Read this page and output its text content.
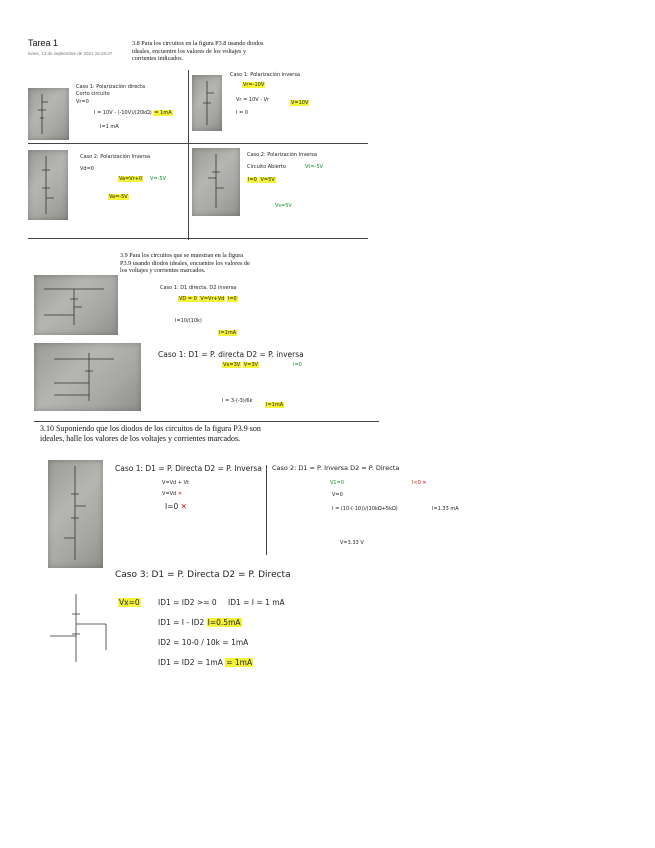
Tarea 1
lunes, 13 de septiembre de 2021 15:28:27
3.8 Para los circuitos en la figura P3.8 usando diodos ideales, encuentre los valores de los voltajes y corrientes indicados.
Caso 1: Polarización directa
Corto circuito
Vr=0
I = 10V - (-10V)/(20kΩ) = 1mA
I=1 mA
Caso 1: Polarización inversa
Vr=-10V
Vr = 10V - Vr	V=10V
I = 0
Caso 2: Polarización Inversa
Vd=0
Va=Vr+0
Va=-5V
V=-5V
Caso 2: Polarización Inversa
Circuito Abierto
I=0 V=5V
Vt=-5V
Vs=5V
3.9 Para los circuitos que se muestran en la figura P3.9 usando diodos ideales, encuentre los valores de los voltajes y corrientes marcados.
Caso 1: D1 directa, D2 inversa
VD = 0 V=Vr+Vd I=0
I=10/(10k)
I=1mA
Caso 1: D1 = P. directa D2 = P. inversa
Vx=3V V=3V	I=0
I = 3-(-3)/6k
I=1mA
3.10 Suponiendo que los diodos de los circuitos de la figura P3.9 son ideales, halle los valores de los voltajes y corrientes marcados.
Caso 1: D1 = P. Directa D2 = P. Inversa
V=Vd + Vt
V=Vd ✕
I=0 ✕
Caso 2: D1 = P. Inversa D2 = P. Directa
V1=0	I<0 ✕
V=0
I = (10-(-10))/(10kΩ+5kΩ)	I=1.33 mA
V=3.33 V
Caso 3: D1 = P. Directa D2 = P. Directa
Vx=0 ID1 = ID2 >= 0 ID1 = I = 1 mA
ID1 = I - ID2 I=0.5mA
ID2 = 10-0 / 10k = 1mA
ID1 = ID2 = 1mA = 1mA
